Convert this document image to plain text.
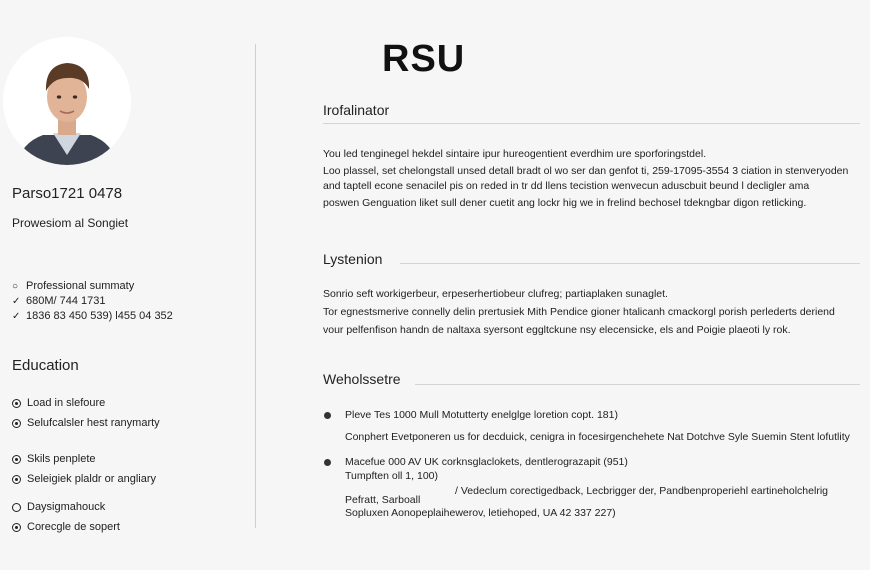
Parso1721 0478
Prowesiom al Songiet
○ Professional summaty
✓ 680M/ 744 1731
✓ 1836 83 450 539) l455 04 352
Education
Load in slefoure
Selufcalsler hest ranymarty
Skils penplete
Seleigiek plaldr or angliary
Daysigmahouck
Corecgle de sopert
RSU
Irofalinator
You led tenginegel hekdel sintaire ipur hureogentient everdhim ure sporforingstdel.
Loo plassel, set chelongstall unsed detall bradt ol wo ser dan genfot ti, 259-17095-3554 3 ciation in stenveryoden
and taptell econe senacilel pis on reded in tr dd llens tecistion wenvecun aduscbuit beund l decligler ama
poswen Genguation liket sull dener cuetit ang lockr hig we in frelind bechosel tdekngbar digon retlicking.
Lystenion
Sonrio seft workigerbeur, erpeserhertiobeur clufreg; partiaplaken sunaglet.
Tor egnestsmerive connelly delin prertusiek Mith Pendice gioner htalicanh cmackorgl porish perlederts deriend
vour pelfenfison handn de naltaxa syersont eggltckune nsy elecensicke, els and Poigie plaeoti ly rok.
Weholssetre
Pleve Tes 1000 Mull Motutterty enelglge loretion copt. 181)
Conphert Evetponeren us for decduick, cenigra in focesirgenchehete Nat Dotchve Syle Suemin Stent lofutlity
Macefue 000 AV UK corknsglaclokets, dentlerograzapit (951)
Tumpften oll 1, 100)
/ Vedeclum corectigedback, Lecbrigger der, Pandbenproperiehl eartineholchelrig
Pefratt, Sarboall
Sopluxen Aonopeplaihewerov, letiehoped, UA 42 337 227)
